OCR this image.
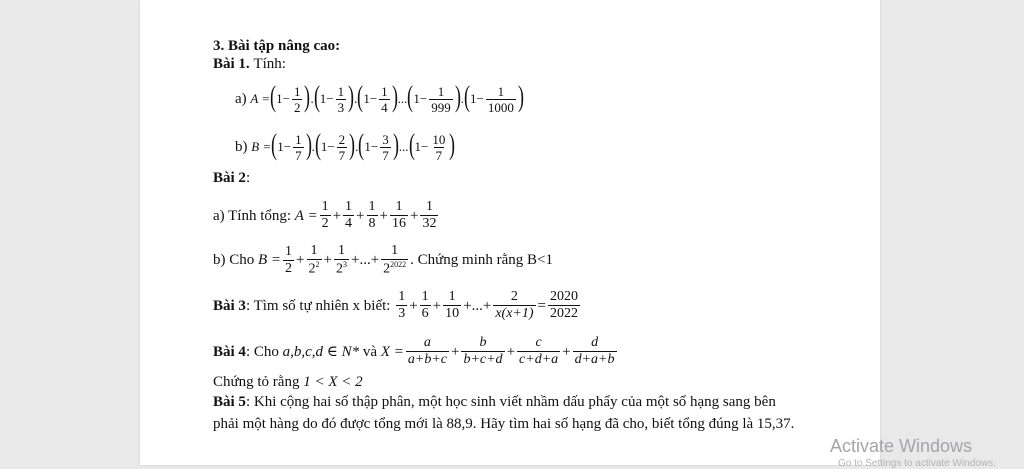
3. Bài tập nâng cao:
Bài 1.
Tính:
a)
A = ( $1 - \frac{1}{2}$ ) . ( $1 - \frac{1}{3}$ ) . ( $1 - \frac{1}{4}$ ) ... ( $1 - \frac{1}{999}$ ) . ( $1 - \frac{1}{1000}$ )
b)
B = ( $1 - \frac{1}{7}$ ) . ( $1 - \frac{2}{7}$ ) . ( $1 - \frac{3}{7}$ ) ... ( $1 - \frac{10}{7}$ )
Bài 2 :
a) Tính tổng:
$A = \frac{1}{2} + \frac{1}{4} + \frac{1}{8} + \frac{1}{16} + \frac{1}{32}$
b) Cho
$B = \frac{1}{2} + \frac{1}{2^2} + \frac{1}{2^3}$ +...+ $\frac{1}{2^{2022}}$ . Chứng minh rằng B<1
Bài 3 : Tìm số tự nhiên x biết:
$\frac{1}{3} + \frac{1}{6} + \frac{1}{10}$ +...+ $\frac{2}{x(x+1)} = \frac{2020}{2022}$
Bài 4 : Cho
a,b,c,d ∈ N*
và
$X = \frac{a}{a+b+c} + \frac{b}{b+c+d} + \frac{c}{c+d+a} + \frac{d}{d+a+b}$
Chứng tỏ rằng
1 < X < 2
Bài 5 : Khi cộng hai số thập phân, một học sinh viết nhầm dấu phẩy của một số hạng sang bên
phải một hàng do đó được tổng mới là 88,9. Hãy tìm hai số hạng đã cho, biết tổng đúng là 15,37.
Activate Windows
Go to Settings to activate Windows.
